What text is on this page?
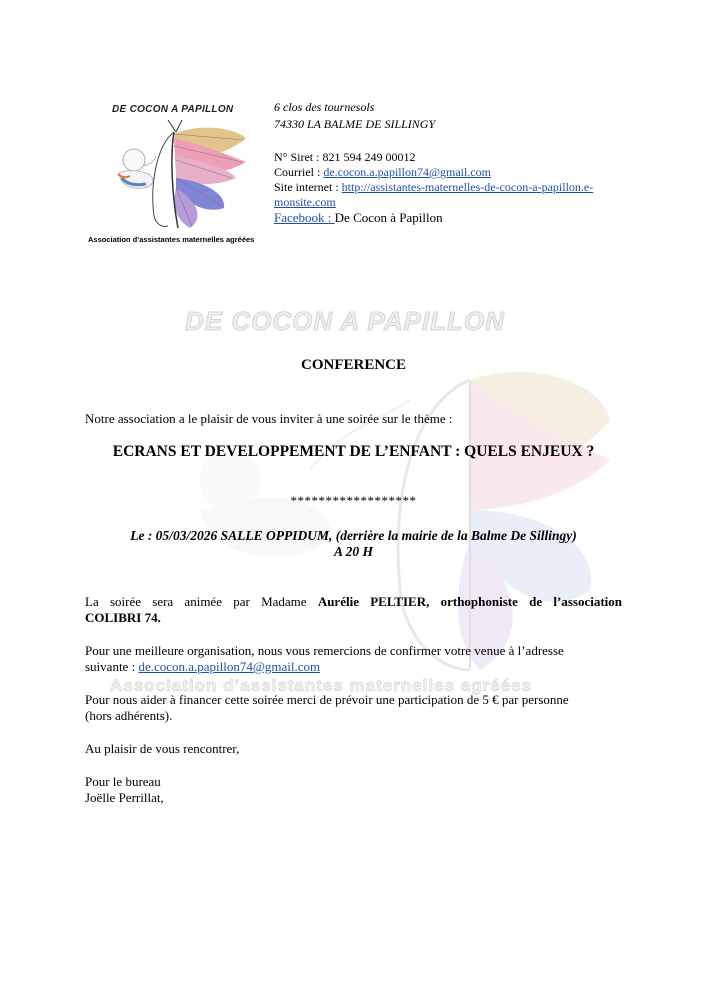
DE COCON A PAPILLON
Association d’assistantes maternelles agréées
DE COCON A PAPILLON
Association d’assistantes maternelles agréées
6 clos des tournesols
74330 LA BALME DE SILLINGY
N° Siret : 821 594 249 00012
Courriel : de.cocon.a.papillon74@gmail.com
Site internet : http://assistantes-maternelles-de-cocon-a-papillon.e-
monsite.com
Facebook : De Cocon à Papillon
CONFERENCE
Notre association a le plaisir de vous inviter à une soirée sur le thème :
ECRANS ET DEVELOPPEMENT DE L’ENFANT : QUELS ENJEUX ?
******************
Le : 05/03/2026 SALLE OPPIDUM, (derrière la mairie de la Balme De Sillingy)
A 20 H
La soirée sera animée par Madame Aurélie PELTIER, orthophoniste de l’association
COLIBRI 74.
Pour une meilleure organisation, nous vous remercions de confirmer votre venue à l’adresse
suivante : de.cocon.a.papillon74@gmail.com
Pour nous aider à financer cette soirée merci de prévoir une participation de 5 € par personne
(hors adhérents).
Au plaisir de vous rencontrer,
Pour le bureau
Joëlle Perrillat,
